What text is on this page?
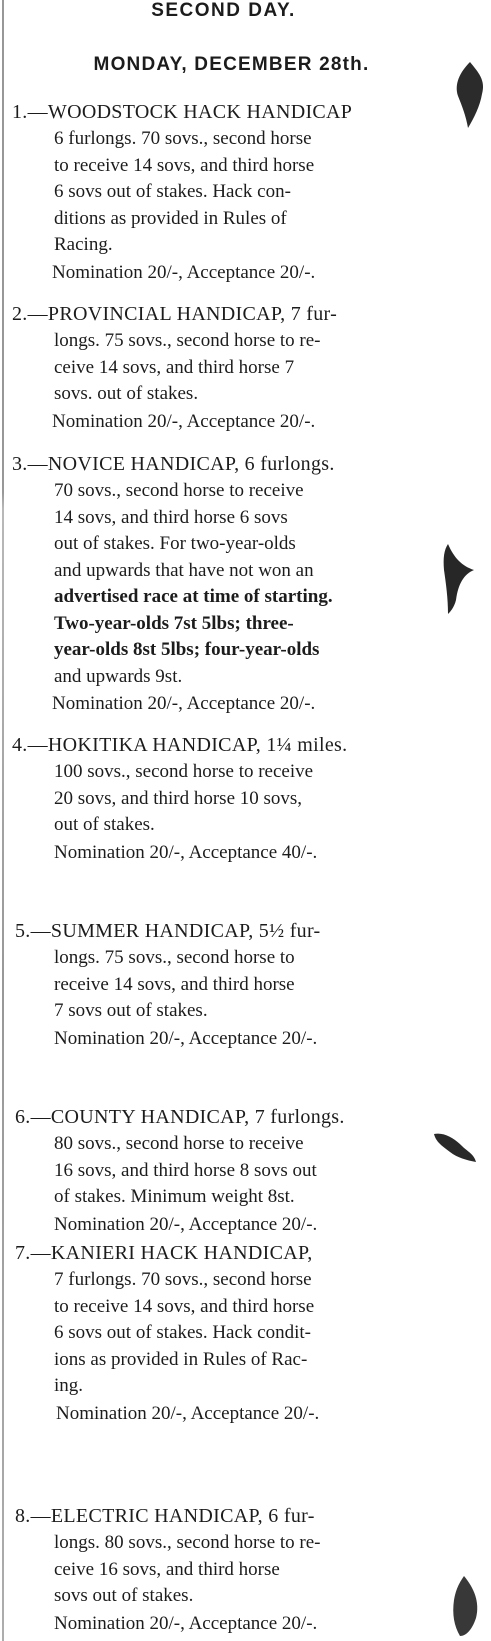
SECOND DAY.
MONDAY, DECEMBER 28th.
1.—WOODSTOCK HACK HANDICAP
6 furlongs. 70 sovs., second horse
to receive 14 sovs, and third horse
6 sovs out of stakes. Hack con-
ditions as provided in Rules of
Racing.
Nomination 20/-, Acceptance 20/-.
2.—PROVINCIAL HANDICAP, 7 fur-
longs. 75 sovs., second horse to re-
ceive 14 sovs, and third horse 7
sovs. out of stakes.
Nomination 20/-, Acceptance 20/-.
3.—NOVICE HANDICAP, 6 furlongs.
70 sovs., second horse to receive
14 sovs, and third horse 6 sovs
out of stakes. For two-year-olds
and upwards that have not won an
advertised race at time of starting.
Two-year-olds 7st 5lbs; three-
year-olds 8st 5lbs; four-year-olds
and upwards 9st.
Nomination 20/-, Acceptance 20/-.
4.—HOKITIKA HANDICAP, 1¼ miles.
100 sovs., second horse to receive
20 sovs, and third horse 10 sovs,
out of stakes.
Nomination 20/-, Acceptance 40/-.
5.—SUMMER HANDICAP, 5½ fur-
longs. 75 sovs., second horse to
receive 14 sovs, and third horse
7 sovs out of stakes.
Nomination 20/-, Acceptance 20/-.
6.—COUNTY HANDICAP, 7 furlongs.
80 sovs., second horse to receive
16 sovs, and third horse 8 sovs out
of stakes. Minimum weight 8st.
Nomination 20/-, Acceptance 20/-.
7.—KANIERI HACK HANDICAP,
7 furlongs. 70 sovs., second horse
to receive 14 sovs, and third horse
6 sovs out of stakes. Hack condit-
ions as provided in Rules of Rac-
ing.
Nomination 20/-, Acceptance 20/-.
8.—ELECTRIC HANDICAP, 6 fur-
longs. 80 sovs., second horse to re-
ceive 16 sovs, and third horse
sovs out of stakes.
Nomination 20/-, Acceptance 20/-.
